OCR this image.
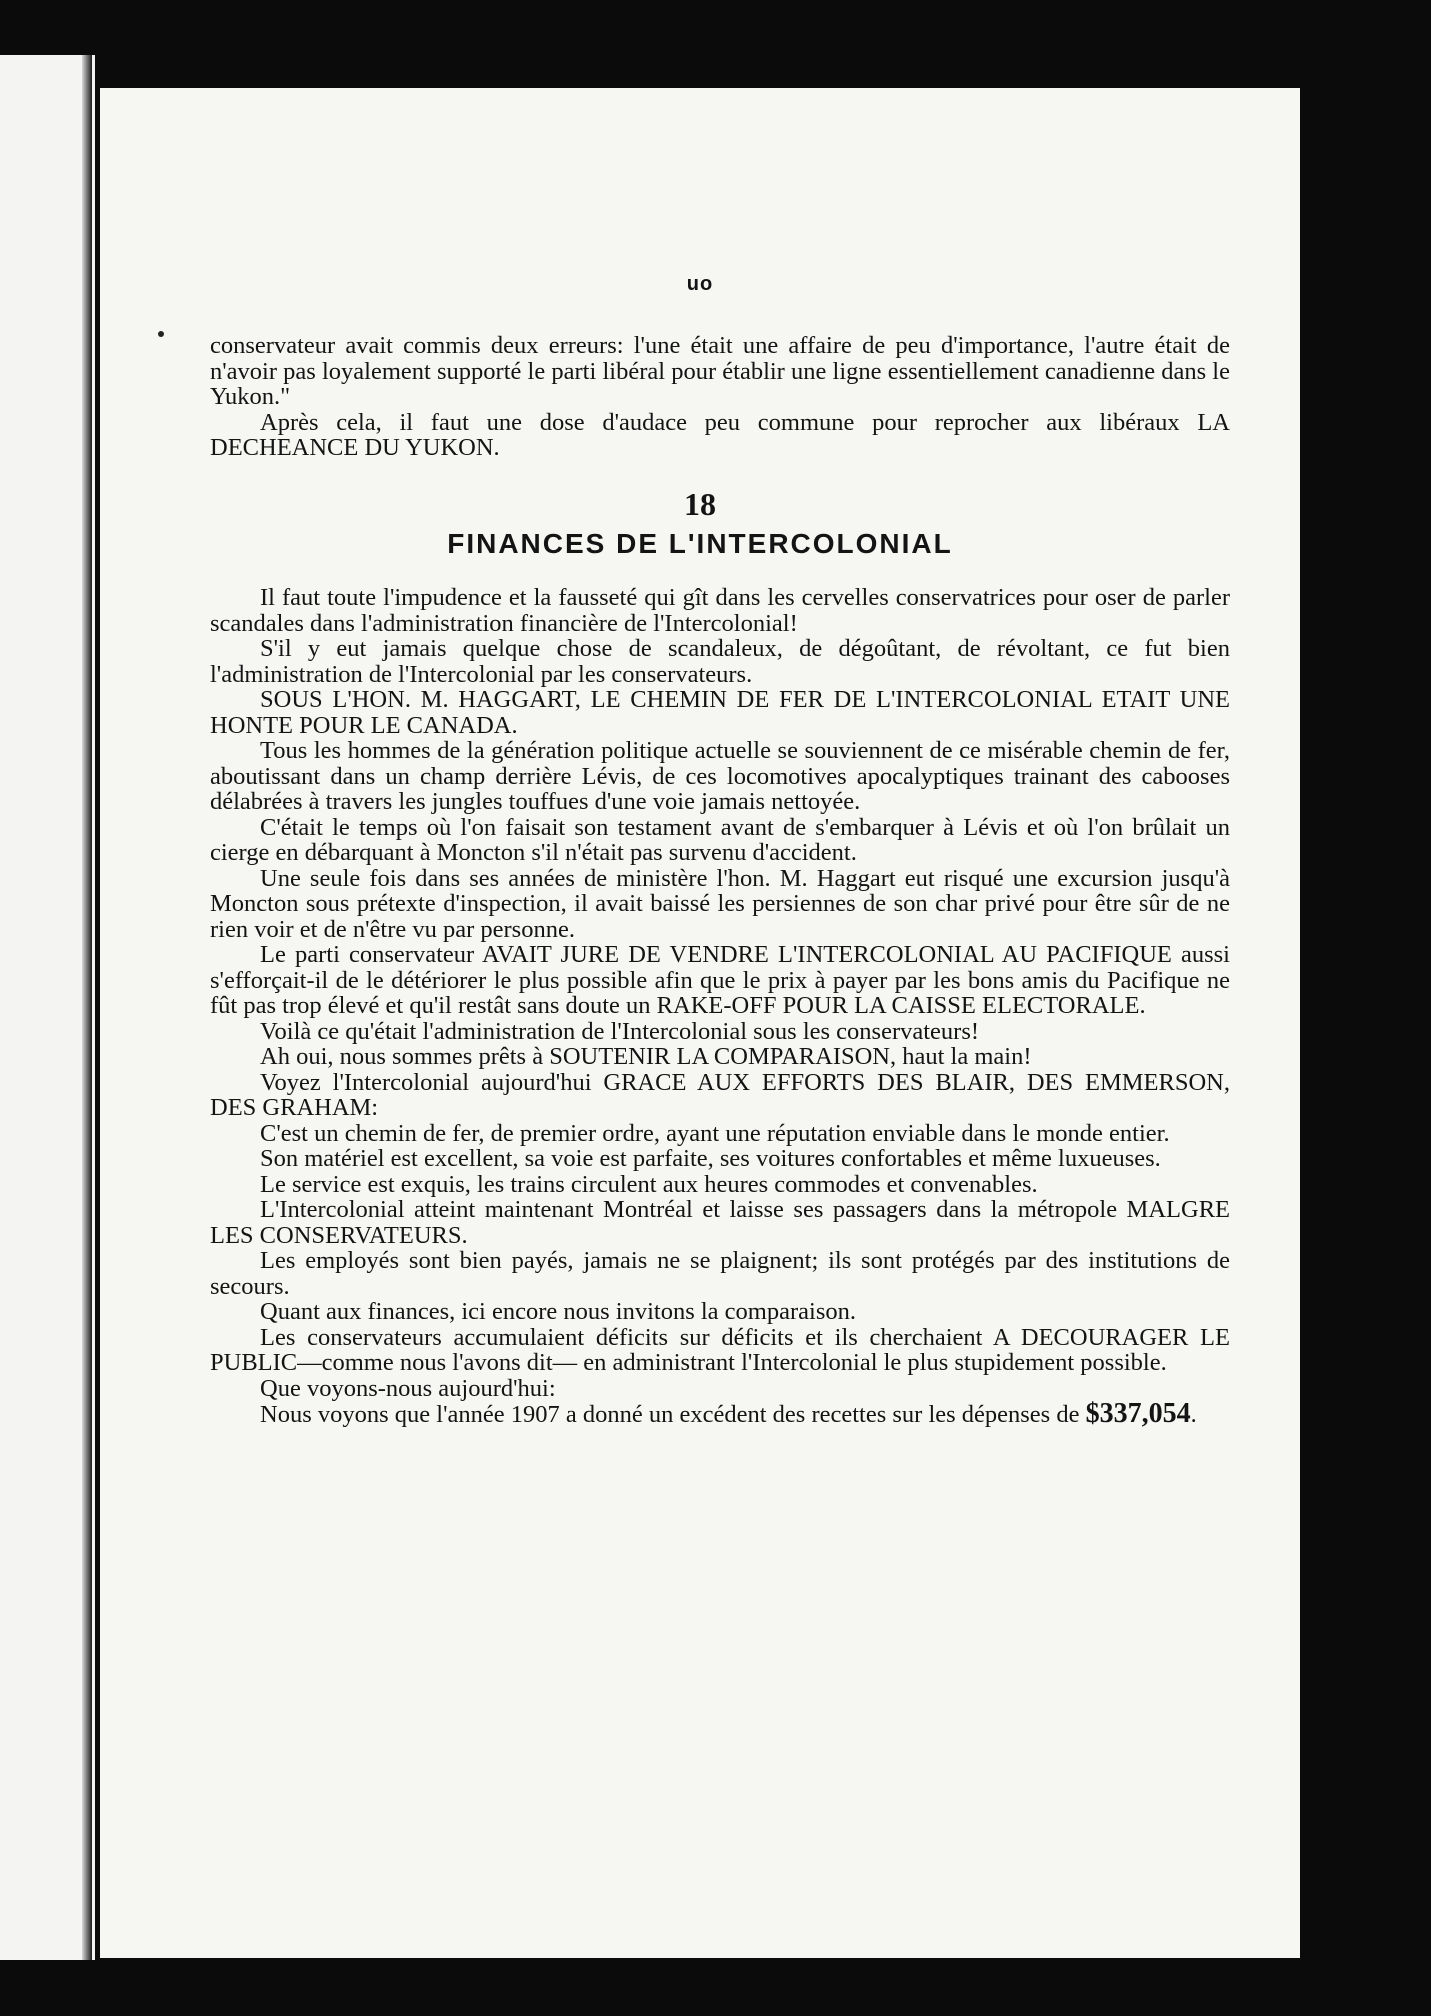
uo

conservateur avait commis deux erreurs: l'une était une affaire de peu d'importance, l'autre était de n'avoir pas loyalement supporté le parti libéral pour établir une ligne essentiellement canadienne dans le Yukon."

Après cela, il faut une dose d'audace peu commune pour reprocher aux libéraux LA DECHEANCE DU YUKON.

18
FINANCES DE L'INTERCOLONIAL

Il faut toute l'impudence et la fausseté qui gît dans les cervelles conservatrices pour oser de parler scandales dans l'administration financière de l'Intercolonial!

S'il y eut jamais quelque chose de scandaleux, de dégoûtant, de révoltant, ce fut bien l'administration de l'Intercolonial par les conservateurs.

SOUS L'HON. M. HAGGART, LE CHEMIN DE FER DE L'INTERCOLONIAL ETAIT UNE HONTE POUR LE CANADA.

Tous les hommes de la génération politique actuelle se souviennent de ce misérable chemin de fer, aboutissant dans un champ derrière Lévis, de ces locomotives apocalyptiques trainant des cabooses délabrées à travers les jungles touffues d'une voie jamais nettoyée.

C'était le temps où l'on faisait son testament avant de s'embarquer à Lévis et où l'on brûlait un cierge en débarquant à Moncton s'il n'était pas survenu d'accident.

Une seule fois dans ses années de ministère l'hon. M. Haggart eut risqué une excursion jusqu'à Moncton sous prétexte d'inspection, il avait baissé les persiennes de son char privé pour être sûr de ne rien voir et de n'être vu par personne.

Le parti conservateur AVAIT JURE DE VENDRE L'INTERCOLONIAL AU PACIFIQUE aussi s'efforçait-il de le détériorer le plus possible afin que le prix à payer par les bons amis du Pacifique ne fût pas trop élevé et qu'il restât sans doute un RAKE-OFF POUR LA CAISSE ELECTORALE.

Voilà ce qu'était l'administration de l'Intercolonial sous les conservateurs!

Ah oui, nous sommes prêts à SOUTENIR LA COMPARAISON, haut la main!

Voyez l'Intercolonial aujourd'hui GRACE AUX EFFORTS DES BLAIR, DES EMMERSON, DES GRAHAM:

C'est un chemin de fer, de premier ordre, ayant une réputation enviable dans le monde entier.

Son matériel est excellent, sa voie est parfaite, ses voitures confortables et même luxueuses.

Le service est exquis, les trains circulent aux heures commodes et convenables.

L'Intercolonial atteint maintenant Montréal et laisse ses passagers dans la métropole MALGRE LES CONSERVATEURS.

Les employés sont bien payés, jamais ne se plaignent; ils sont protégés par des institutions de secours.

Quant aux finances, ici encore nous invitons la comparaison.

Les conservateurs accumulaient déficits sur déficits et ils cherchaient A DECOURAGER LE PUBLIC—comme nous l'avons dit— en administrant l'Intercolonial le plus stupidement possible.

Que voyons-nous aujourd'hui:

Nous voyons que l'année 1907 a donné un excédent des recettes sur les dépenses de $337,054.
